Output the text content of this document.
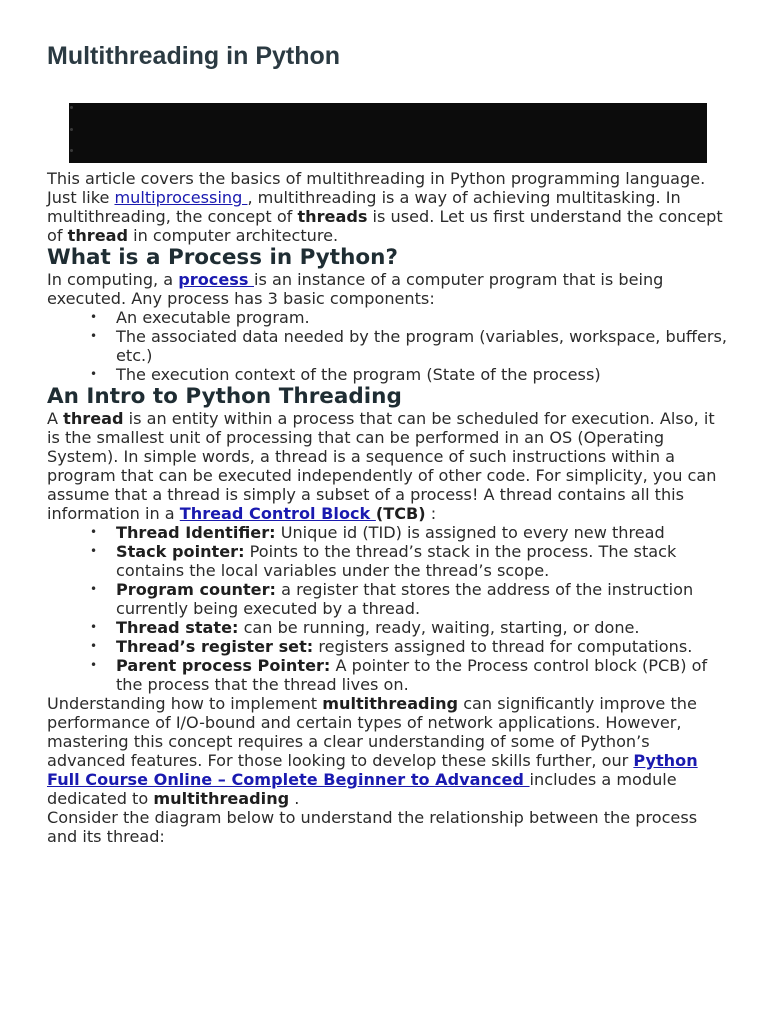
Multithreading in Python

This article covers the basics of multithreading in Python programming language. Just like multiprocessing , multithreading is a way of achieving multitasking. In multithreading, the concept of threads is used. Let us first understand the concept of thread in computer architecture.

What is a Process in Python?

In computing, a process is an instance of a computer program that is being executed. Any process has 3 basic components:

• An executable program.
• The associated data needed by the program (variables, workspace, buffers, etc.)
• The execution context of the program (State of the process)
An Intro to Python Threading

A thread is an entity within a process that can be scheduled for execution. Also, it is the smallest unit of processing that can be performed in an OS (Operating System). In simple words, a thread is a sequence of such instructions within a program that can be executed independently of other code. For simplicity, you can assume that a thread is simply a subset of a process! A thread contains all this information in a Thread Control Block (TCB) :

• Thread Identifier: Unique id (TID) is assigned to every new thread
• Stack pointer: Points to the thread’s stack in the process. The stack contains the local variables under the thread’s scope.
• Program counter: a register that stores the address of the instruction currently being executed by a thread.
• Thread state: can be running, ready, waiting, starting, or done.
• Thread’s register set: registers assigned to thread for computations.
• Parent process Pointer: A pointer to the Process control block (PCB) of the process that the thread lives on.

Understanding how to implement multithreading can significantly improve the performance of I/O-bound and certain types of network applications. However, mastering this concept requires a clear understanding of some of Python’s advanced features. For those looking to develop these skills further, our Python Full Course Online – Complete Beginner to Advanced includes a module dedicated to multithreading .

Consider the diagram below to understand the relationship between the process and its thread:
